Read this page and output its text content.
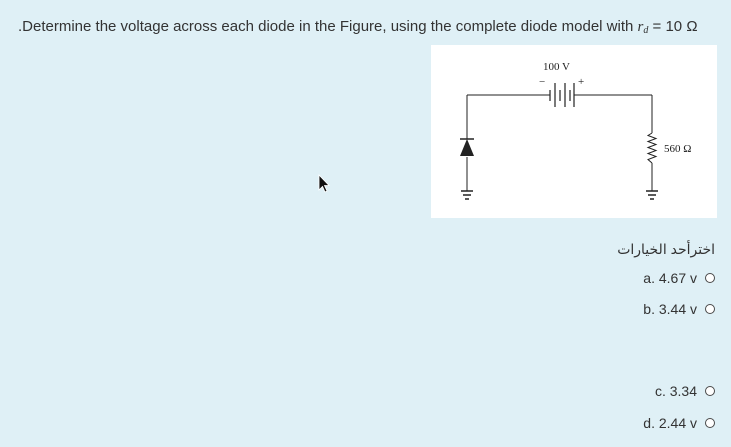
.Determine the voltage across each diode in the Figure, using the complete diode model with $r_d = 10$ Ω
100 V
−	+
560 Ω
اخترأحد الخيارات
a. 4.67 v
b. 3.44 v
c. 3.34
d. 2.44 v
